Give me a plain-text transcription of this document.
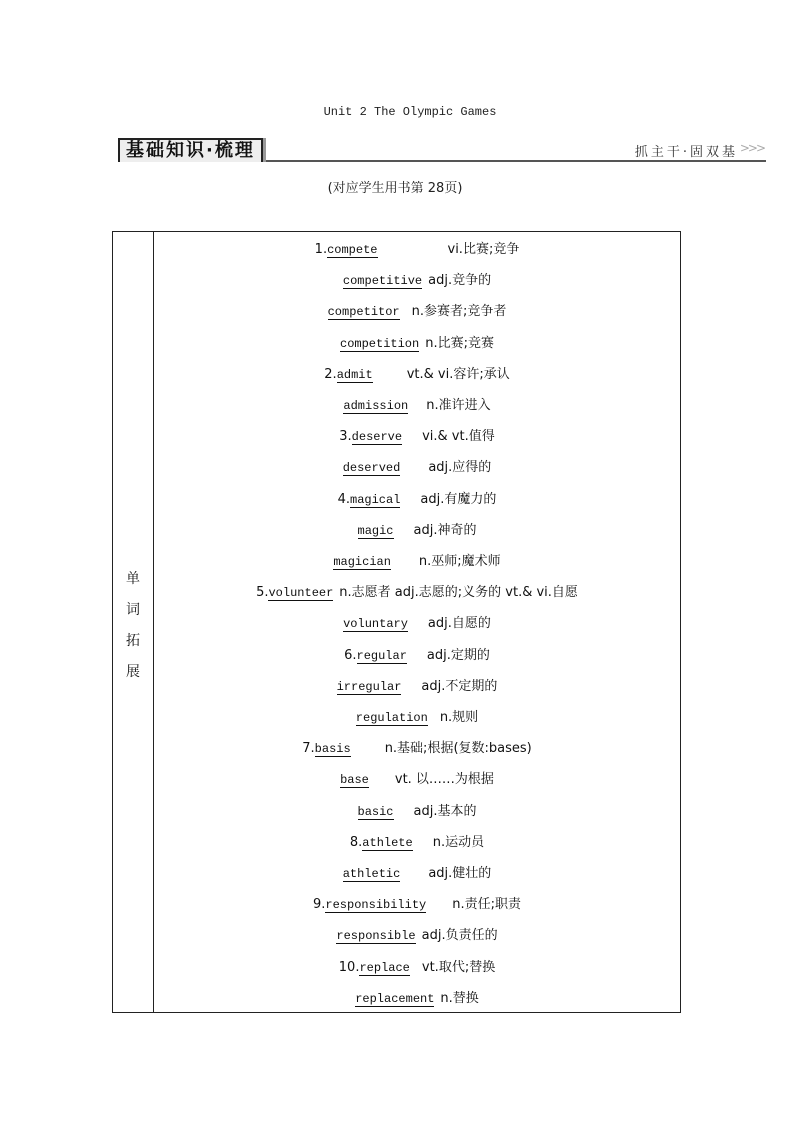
Unit 2 The Olympic Games
基础知识·梳理	抓主干·固双基 >>>
(对应学生用书第 28页)
单
词
拓
展
1.compete	vi.比赛;竞争
competitive adj.竞争的
competitor n.参赛者;竞争者
competition n.比赛;竞赛
2.admit	vt.& vi.容许;承认
admission n.准许进入
3.deserve vi.& vt.值得
deserved adj.应得的
4.magical adj.有魔力的
magic adj.神奇的
magician n.巫师;魔术师
5.volunteer n.志愿者 adj.志愿的;义务的 vt.& vi.自愿
voluntary adj.自愿的
6.regular adj.定期的
irregular adj.不定期的
regulation n.规则
7.basis	n.基础;根据(复数:bases)
base vt. 以……为根据
basic adj.基本的
8.athlete n.运动员
athletic adj.健壮的
9.responsibility n.责任;职责
responsible adj.负责任的
10.replace vt.取代;替换
replacement n.替换
